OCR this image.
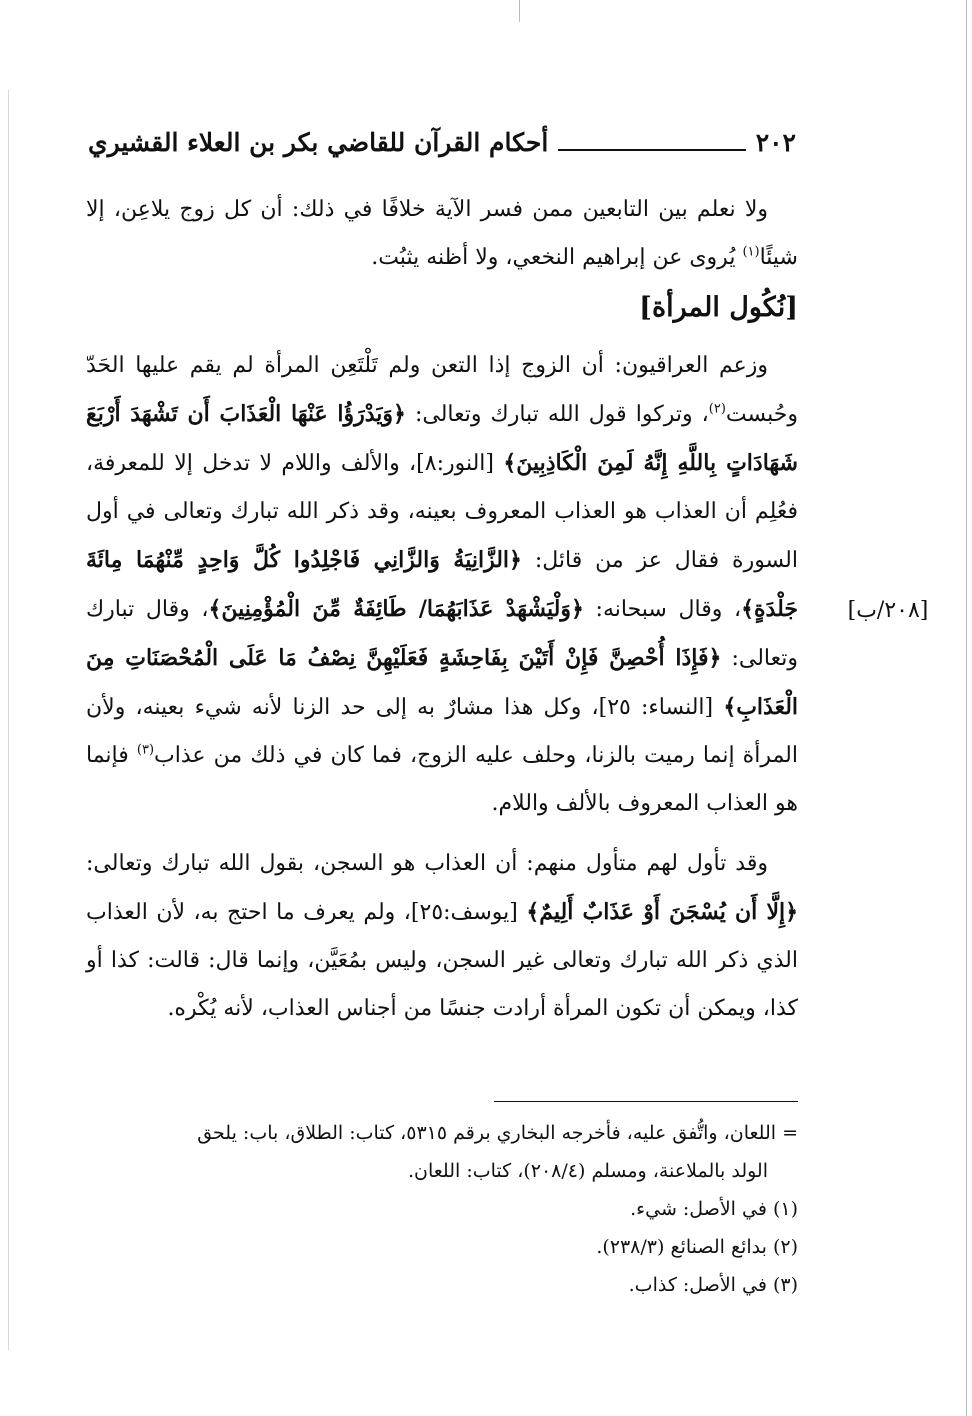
٢٠٢
أحكام القرآن للقاضي بكر بن العلاء القشيري
[٢٠٨/ب]

ولا نعلم بين التابعين ممن فسر الآية خلافًا في ذلك: أن كل زوج يلاعِن، إلا شيئًا$^{(١)}$ يُروى عن إبراهيم النخعي، ولا أظنه يثبُت.

[نُكُول المرأة]

وزعم العراقيون: أن الزوج إذا التعن ولم تَلْتَعِن المرأة لم يقم عليها الحَدّ وحُبست$^{(٢)}$، وتركوا قول الله تبارك وتعالى: ﴿وَيَدْرَؤُا عَنْهَا الْعَذَابَ أَن تَشْهَدَ أَرْبَعَ شَهَادَاتٍ بِاللَّهِ إِنَّهُ لَمِنَ الْكَاذِبِينَ﴾ [النور:٨]، والألف واللام لا تدخل إلا للمعرفة، فعُلِم أن العذاب هو العذاب المعروف بعينه، وقد ذكر الله تبارك وتعالى في أول السورة فقال عز من قائل: ﴿الزَّانِيَةُ وَالزَّانِي فَاجْلِدُوا كُلَّ وَاحِدٍ مِّنْهُمَا مِائَةَ جَلْدَةٍ﴾، وقال سبحانه: ﴿وَلْيَشْهَدْ عَذَابَهُمَا/ طَائِفَةٌ مِّنَ الْمُؤْمِنِينَ﴾، وقال تبارك وتعالى: ﴿فَإِذَا أُحْصِنَّ فَإِنْ أَتَيْنَ بِفَاحِشَةٍ فَعَلَيْهِنَّ نِصْفُ مَا عَلَى الْمُحْصَنَاتِ مِنَ الْعَذَابِ﴾ [النساء: ٢٥]، وكل هذا مشارٌ به إلى حد الزنا لأنه شيء بعينه، ولأن المرأة إنما رميت بالزنا، وحلف عليه الزوج، فما كان في ذلك من عذاب$^{(٣)}$ فإنما هو العذاب المعروف بالألف واللام.

وقد تأول لهم متأول منهم: أن العذاب هو السجن، بقول الله تبارك وتعالى: ﴿إِلَّا أَن يُسْجَنَ أَوْ عَذَابٌ أَلِيمٌ﴾ [يوسف:٢٥]، ولم يعرف ما احتج به، لأن العذاب الذي ذكر الله تبارك وتعالى غير السجن، وليس بمُعَيَّن، وإنما قال: قالت: كذا أو كذا، ويمكن أن تكون المرأة أرادت جنسًا من أجناس العذاب، لأنه يُكْره.

= اللعان، واتُّفق عليه، فأخرجه البخاري برقم ٥٣١٥، كتاب: الطلاق، باب: يلحق

الولد بالملاعنة، ومسلم (٢٠٨/٤)، كتاب: اللعان.

(١) في الأصل: شيء.

(٢) بدائع الصنائع (٢٣٨/٣).

(٣) في الأصل: كذاب.
